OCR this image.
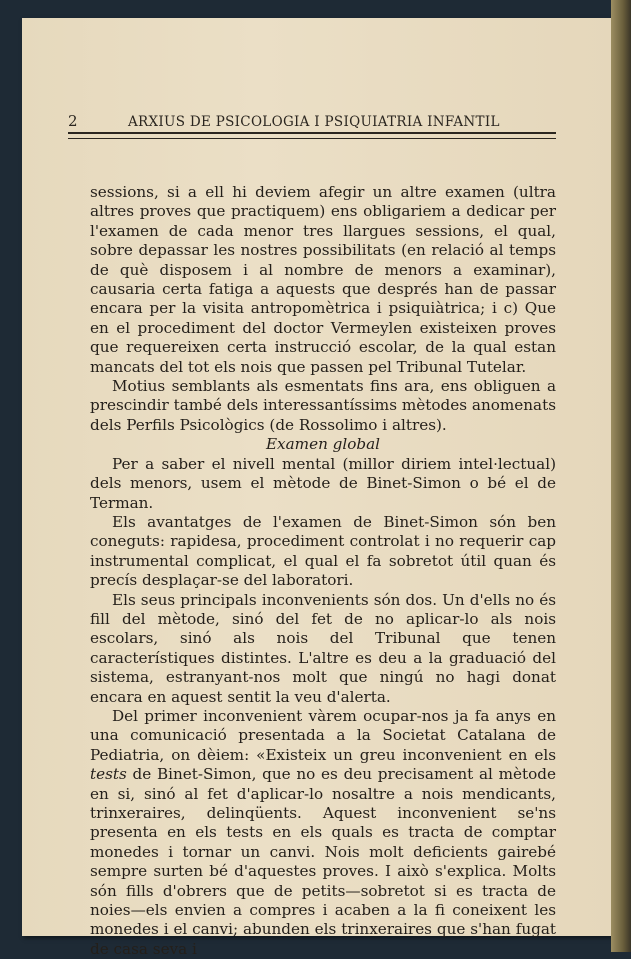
2	ARXIUS DE PSICOLOGIA I PSIQUIATRIA INFANTIL

sessions, si a ell hi deviem afegir un altre examen (ultra altres proves que practiquem) ens obligariem a dedicar per l'examen de cada menor tres llargues sessions, el qual, sobre depassar les nostres possibilitats (en relació al temps de què disposem i al nombre de menors a examinar), causaria certa fatiga a aquests que després han de passar encara per la visita antropomètrica i psiquiàtrica; i c) Que en el procediment del doctor Vermeylen existeixen proves que requereixen certa instrucció escolar, de la qual estan mancats del tot els nois que passen pel Tribunal Tutelar.

Motius semblants als esmentats fins ara, ens obliguen a prescindir també dels interessantíssims mètodes anomenats dels Perfils Psicològics (de Rossolimo i altres).

Examen global

Per a saber el nivell mental (millor diriem intel·lectual) dels menors, usem el mètode de Binet-Simon o bé el de Terman.

Els avantatges de l'examen de Binet-Simon són ben coneguts: rapidesa, procediment controlat i no requerir cap instrumental complicat, el qual el fa sobretot útil quan és precís desplaçar-se del laboratori.

Els seus principals inconvenients són dos. Un d'ells no és fill del mètode, sinó del fet de no aplicar-lo als nois escolars, sinó als nois del Tribunal que tenen característiques distintes. L'altre es deu a la graduació del sistema, estranyant-nos molt que ningú no hagi donat encara en aquest sentit la veu d'alerta.

Del primer inconvenient vàrem ocupar-nos ja fa anys en una comunicació presentada a la Societat Catalana de Pediatria, on dèiem: «Existeix un greu inconvenient en els tests de Binet-Simon, que no es deu precisament al mètode en si, sinó al fet d'aplicar-lo nosaltre a nois mendicants, trinxeraires, delinqüents. Aquest inconvenient se'ns presenta en els tests en els quals es tracta de comptar monedes i tornar un canvi. Nois molt deficients gairebé sempre surten bé d'aquestes proves. I això s'explica. Molts són fills d'obrers que de petits—sobretot si es tracta de noies—els envien a compres i acaben a la fi coneixent les monedes i el canvi; abunden els trinxeraires que s'han fugat de casa seva i
